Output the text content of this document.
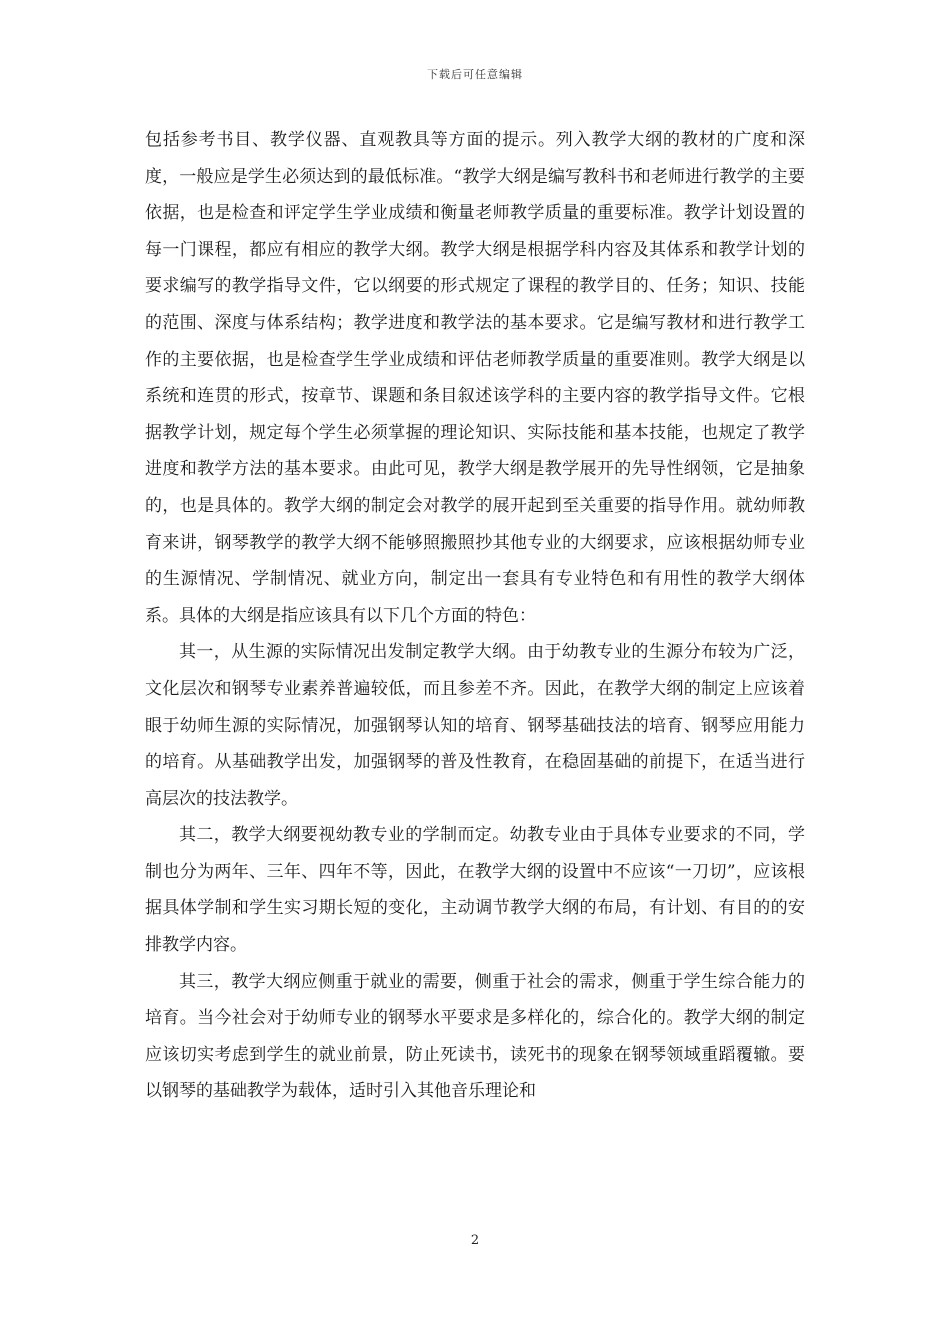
下载后可任意编辑

包括参考书目、教学仪器、直观教具等方面的提示。列入教学大纲的教材的广度和深度，一般应是学生必须达到的最低标准。“教学大纲是编写教科书和老师进行教学的主要依据，也是检查和评定学生学业成绩和衡量老师教学质量的重要标准。教学计划设置的每一门课程，都应有相应的教学大纲。教学大纲是根据学科内容及其体系和教学计划的要求编写的教学指导文件，它以纲要的形式规定了课程的教学目的、任务；知识、技能的范围、深度与体系结构；教学进度和教学法的基本要求。它是编写教材和进行教学工作的主要依据，也是检查学生学业成绩和评估老师教学质量的重要准则。教学大纲是以系统和连贯的形式，按章节、课题和条目叙述该学科的主要内容的教学指导文件。它根据教学计划，规定每个学生必须掌握的理论知识、实际技能和基本技能，也规定了教学进度和教学方法的基本要求。由此可见，教学大纲是教学展开的先导性纲领，它是抽象的，也是具体的。教学大纲的制定会对教学的展开起到至关重要的指导作用。就幼师教育来讲，钢琴教学的教学大纲不能够照搬照抄其他专业的大纲要求，应该根据幼师专业的生源情况、学制情况、就业方向，制定出一套具有专业特色和有用性的教学大纲体系。具体的大纲是指应该具有以下几个方面的特色：

其一，从生源的实际情况出发制定教学大纲。由于幼教专业的生源分布较为广泛，文化层次和钢琴专业素养普遍较低，而且参差不齐。因此，在教学大纲的制定上应该着眼于幼师生源的实际情况，加强钢琴认知的培育、钢琴基础技法的培育、钢琴应用能力的培育。从基础教学出发，加强钢琴的普及性教育，在稳固基础的前提下，在适当进行高层次的技法教学。

其二，教学大纲要视幼教专业的学制而定。幼教专业由于具体专业要求的不同，学制也分为两年、三年、四年不等，因此，在教学大纲的设置中不应该“一刀切”，应该根据具体学制和学生实习期长短的变化，主动调节教学大纲的布局，有计划、有目的的安排教学内容。

其三，教学大纲应侧重于就业的需要，侧重于社会的需求，侧重于学生综合能力的培育。当今社会对于幼师专业的钢琴水平要求是多样化的，综合化的。教学大纲的制定应该切实考虑到学生的就业前景，防止死读书，读死书的现象在钢琴领域重蹈覆辙。要以钢琴的基础教学为载体，适时引入其他音乐理论和

2
